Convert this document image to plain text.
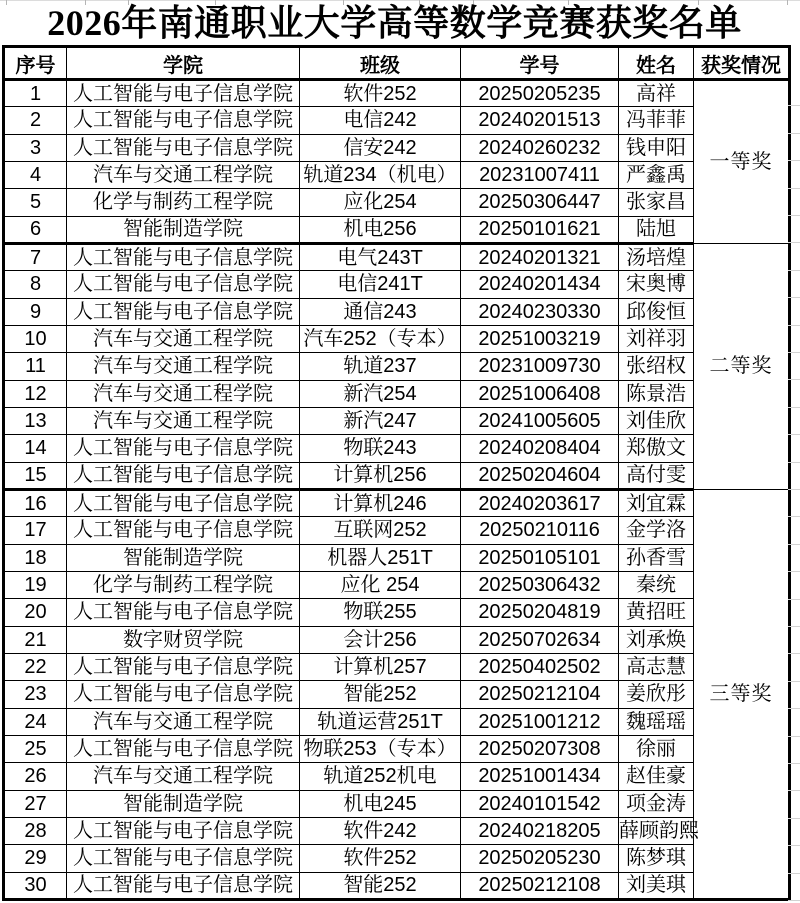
2026年南通职业大学高等数学竞赛获奖名单
序号	学院	班级	学号	姓名	获奖情况
1	人工智能与电子信息学院	软件252	20250205235	高祥	一等奖
2	人工智能与电子信息学院	电信242	20240201513	冯菲菲	
3	人工智能与电子信息学院	信安242	20240260232	钱申阳	
4	汽车与交通工程学院	轨道234（机电）	20231007411	严鑫禹	
5	化学与制药工程学院	应化254	20250306447	张家昌	
6	智能制造学院	机电256	20250101621	陆旭	
7	人工智能与电子信息学院	电气243T	20240201321	汤培煌	二等奖
8	人工智能与电子信息学院	电信241T	20240201434	宋奥博	
9	人工智能与电子信息学院	通信243	20240230330	邱俊恒	
10	汽车与交通工程学院	汽车252（专本）	20251003219	刘祥羽	
11	汽车与交通工程学院	轨道237	20231009730	张绍权	
12	汽车与交通工程学院	新汽254	20251006408	陈景浩	
13	汽车与交通工程学院	新汽247	20241005605	刘佳欣	
14	人工智能与电子信息学院	物联243	20240208404	郑傲文	
15	人工智能与电子信息学院	计算机256	20250204604	高付雯	
16	人工智能与电子信息学院	计算机246	20240203617	刘宜霖	三等奖
17	人工智能与电子信息学院	互联网252	20250210116	金学洛	
18	智能制造学院	机器人251T	20250105101	孙香雪	
19	化学与制药工程学院	应化 254	20250306432	秦统	
20	人工智能与电子信息学院	物联255	20250204819	黄招旺	
21	数字财贸学院	会计256	20250702634	刘承焕	
22	人工智能与电子信息学院	计算机257	20250402502	高志慧	
23	人工智能与电子信息学院	智能252	20250212104	姜欣彤	
24	汽车与交通工程学院	轨道运营251T	20251001212	魏瑶瑶	
25	人工智能与电子信息学院	物联253（专本）	20250207308	徐丽	
26	汽车与交通工程学院	轨道252机电	20251001434	赵佳豪	
27	智能制造学院	机电245	20240101542	项金涛	
28	人工智能与电子信息学院	软件242	20240218205	薛顾韵熙	
29	人工智能与电子信息学院	软件252	20250205230	陈梦琪	
30	人工智能与电子信息学院	智能252	20250212108	刘美琪	
